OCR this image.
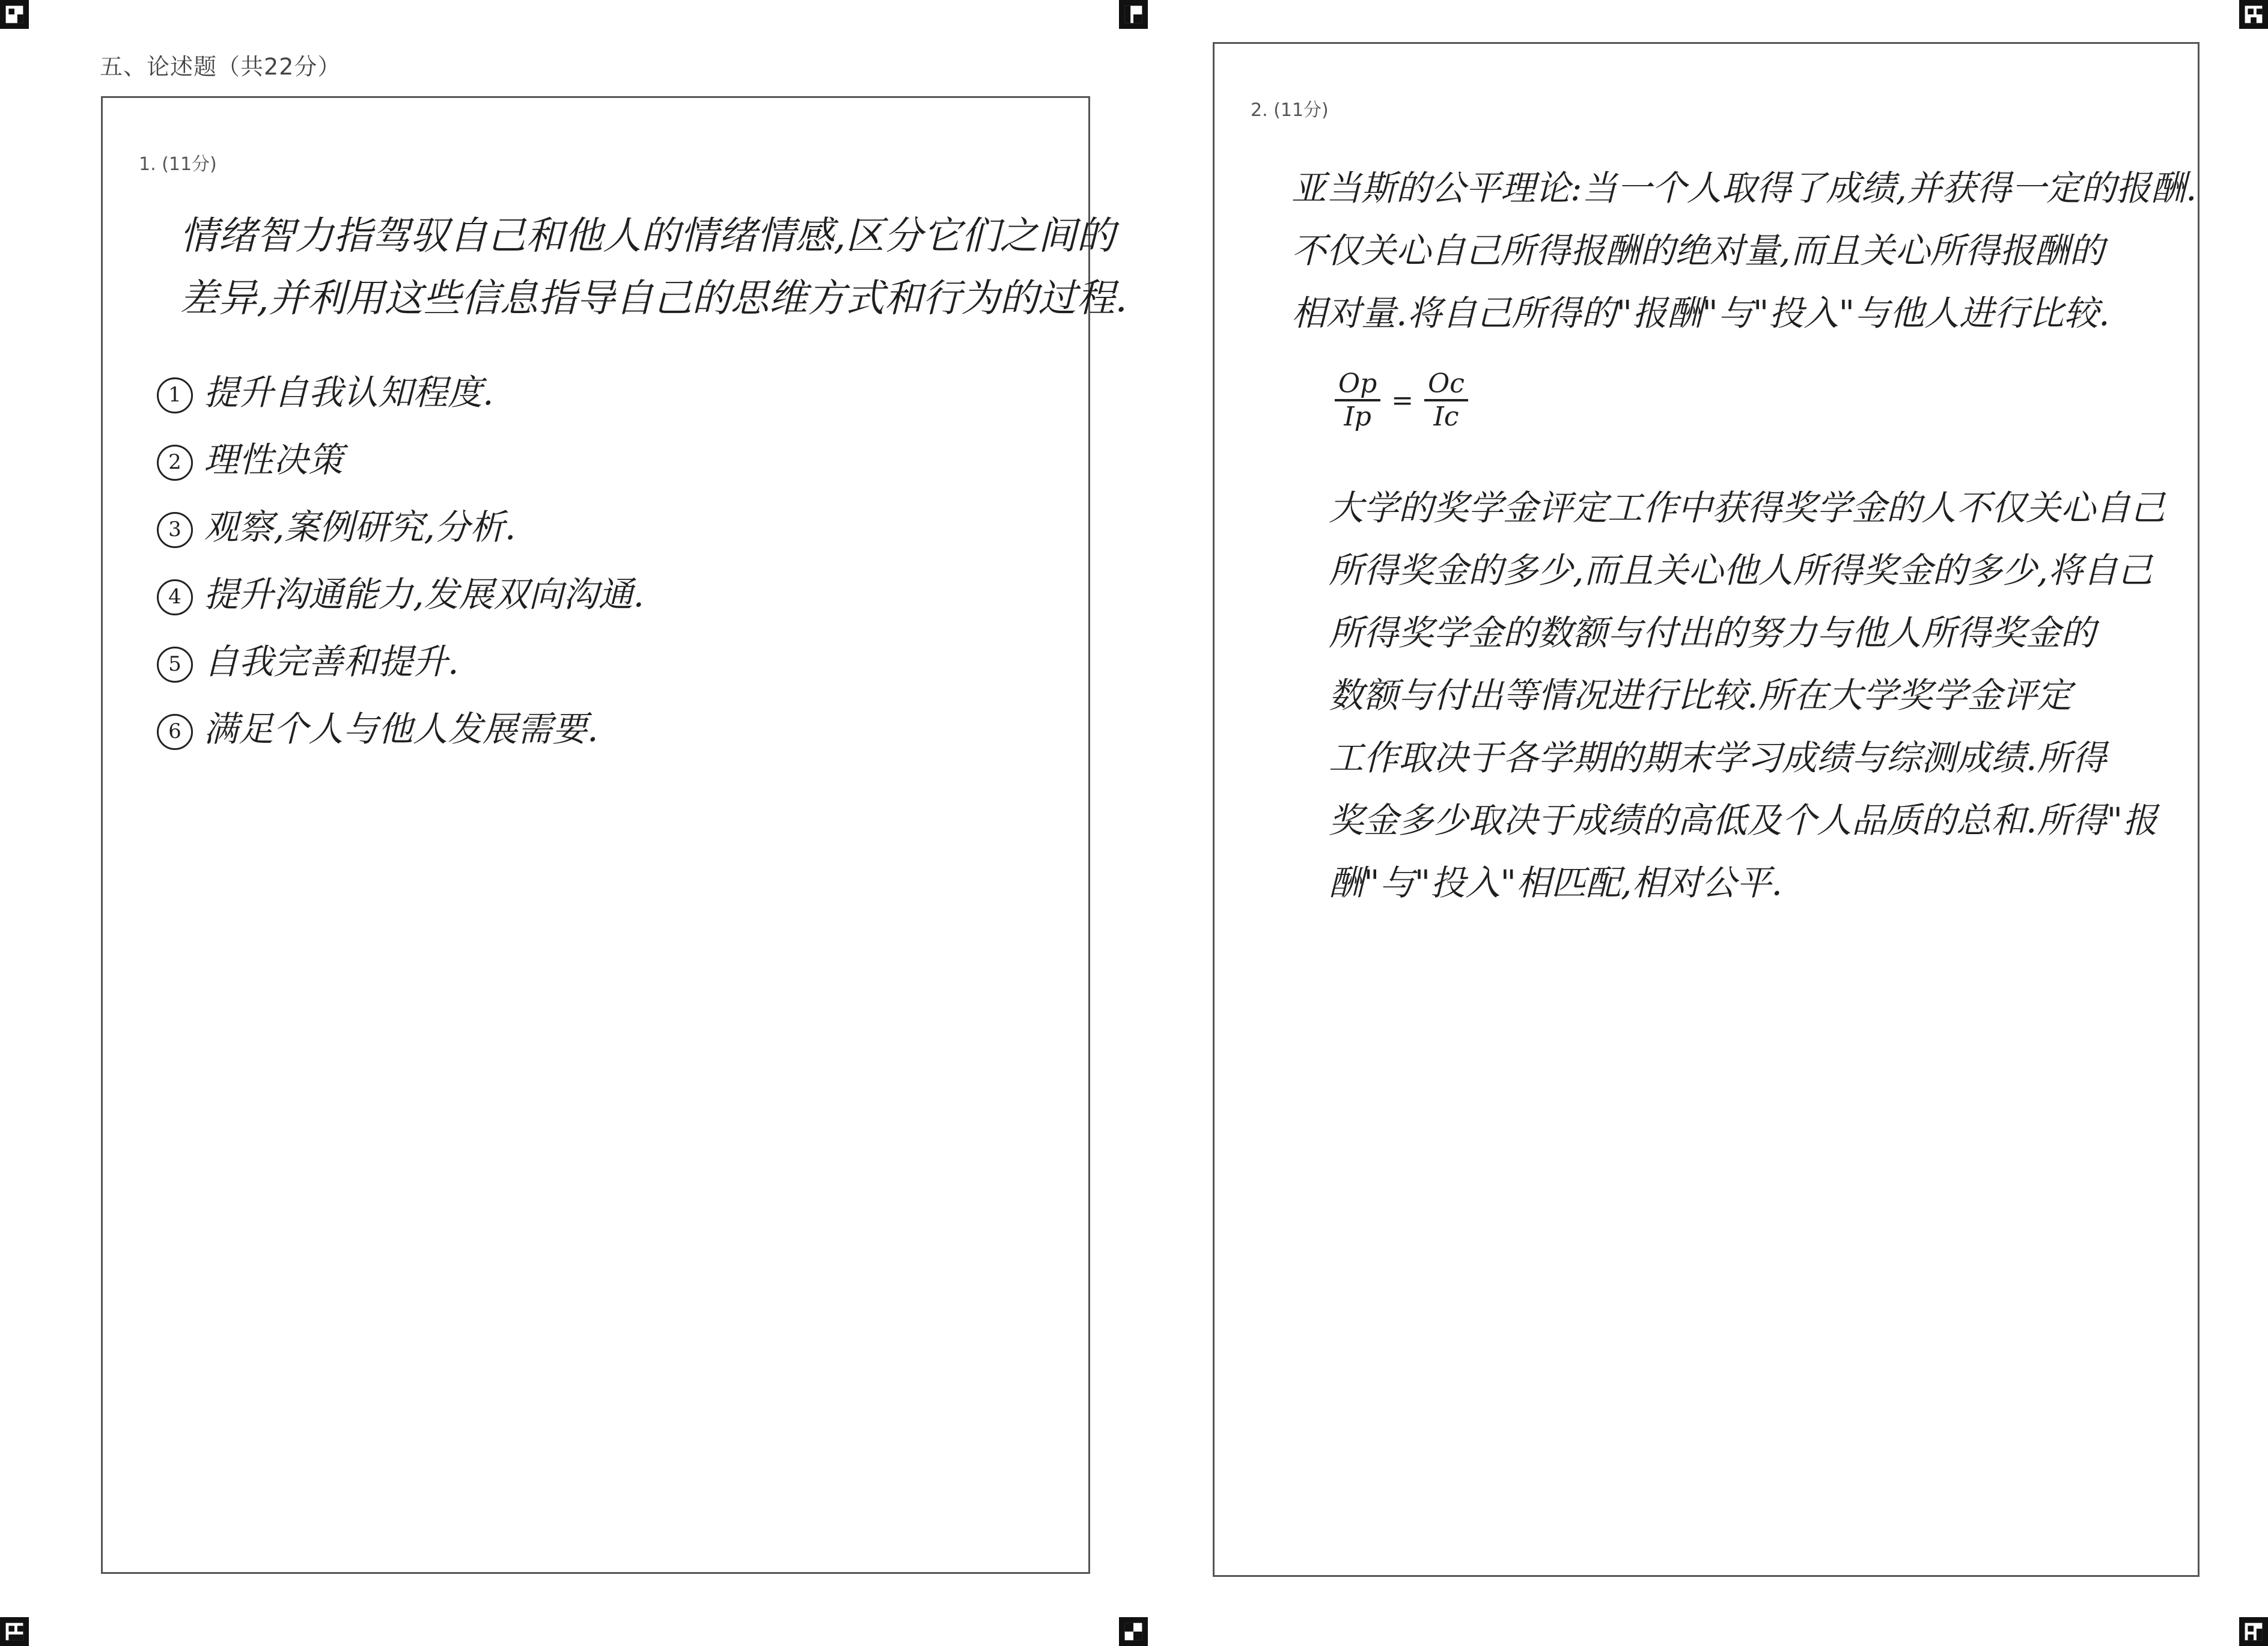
五、论述题（共22分）
1. (11分)
情绪智力指驾驭自己和他人的情绪情感,区分它们之间的
差异,并利用这些信息指导自己的思维方式和行为的过程.
1 提升自我认知程度.
2 理性决策
3 观察,案例研究,分析.
4 提升沟通能力,发展双向沟通.
5 自我完善和提升.
6 满足个人与他人发展需要.
2. (11分)
亚当斯的公平理论:当一个人取得了成绩,并获得一定的报酬.
不仅关心自己所得报酬的绝对量,而且关心所得报酬的
相对量.将自己所得的"报酬"与"投入"与他人进行比较.
$\frac{Op}{Ip} = \frac{Oc}{Ic}$
大学的奖学金评定工作中获得奖学金的人不仅关心自己
所得奖金的多少,而且关心他人所得奖金的多少,将自己
所得奖学金的数额与付出的努力与他人所得奖金的
数额与付出等情况进行比较.所在大学奖学金评定
工作取决于各学期的期末学习成绩与综测成绩.所得
奖金多少取决于成绩的高低及个人品质的总和.所得"报
酬"与"投入"相匹配,相对公平.
